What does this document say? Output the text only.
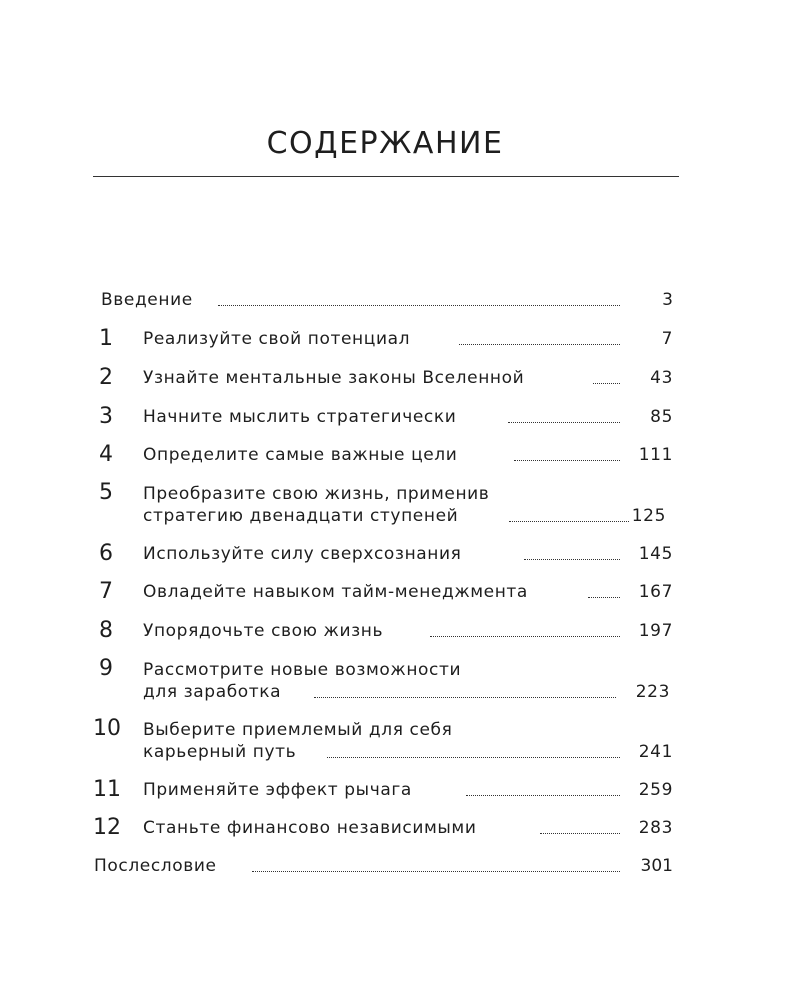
СОДЕРЖАНИЕ
Введение	3
1 Реализуйте свой потенциал	7
2 Узнайте ментальные законы Вселенной	43
3 Начните мыслить стратегически	85
4 Определите самые важные цели	111
5 Преобразите свою жизнь, применив
стратегию двенадцати ступеней	125
6 Используйте силу сверхсознания	145
7 Овладейте навыком тайм-менеджмента	167
8 Упорядочьте свою жизнь	197
9 Рассмотрите новые возможности
для заработка	223
10 Выберите приемлемый для себя
карьерный путь	241
11 Применяйте эффект рычага	259
12 Станьте финансово независимыми	283
Послесловие	301
